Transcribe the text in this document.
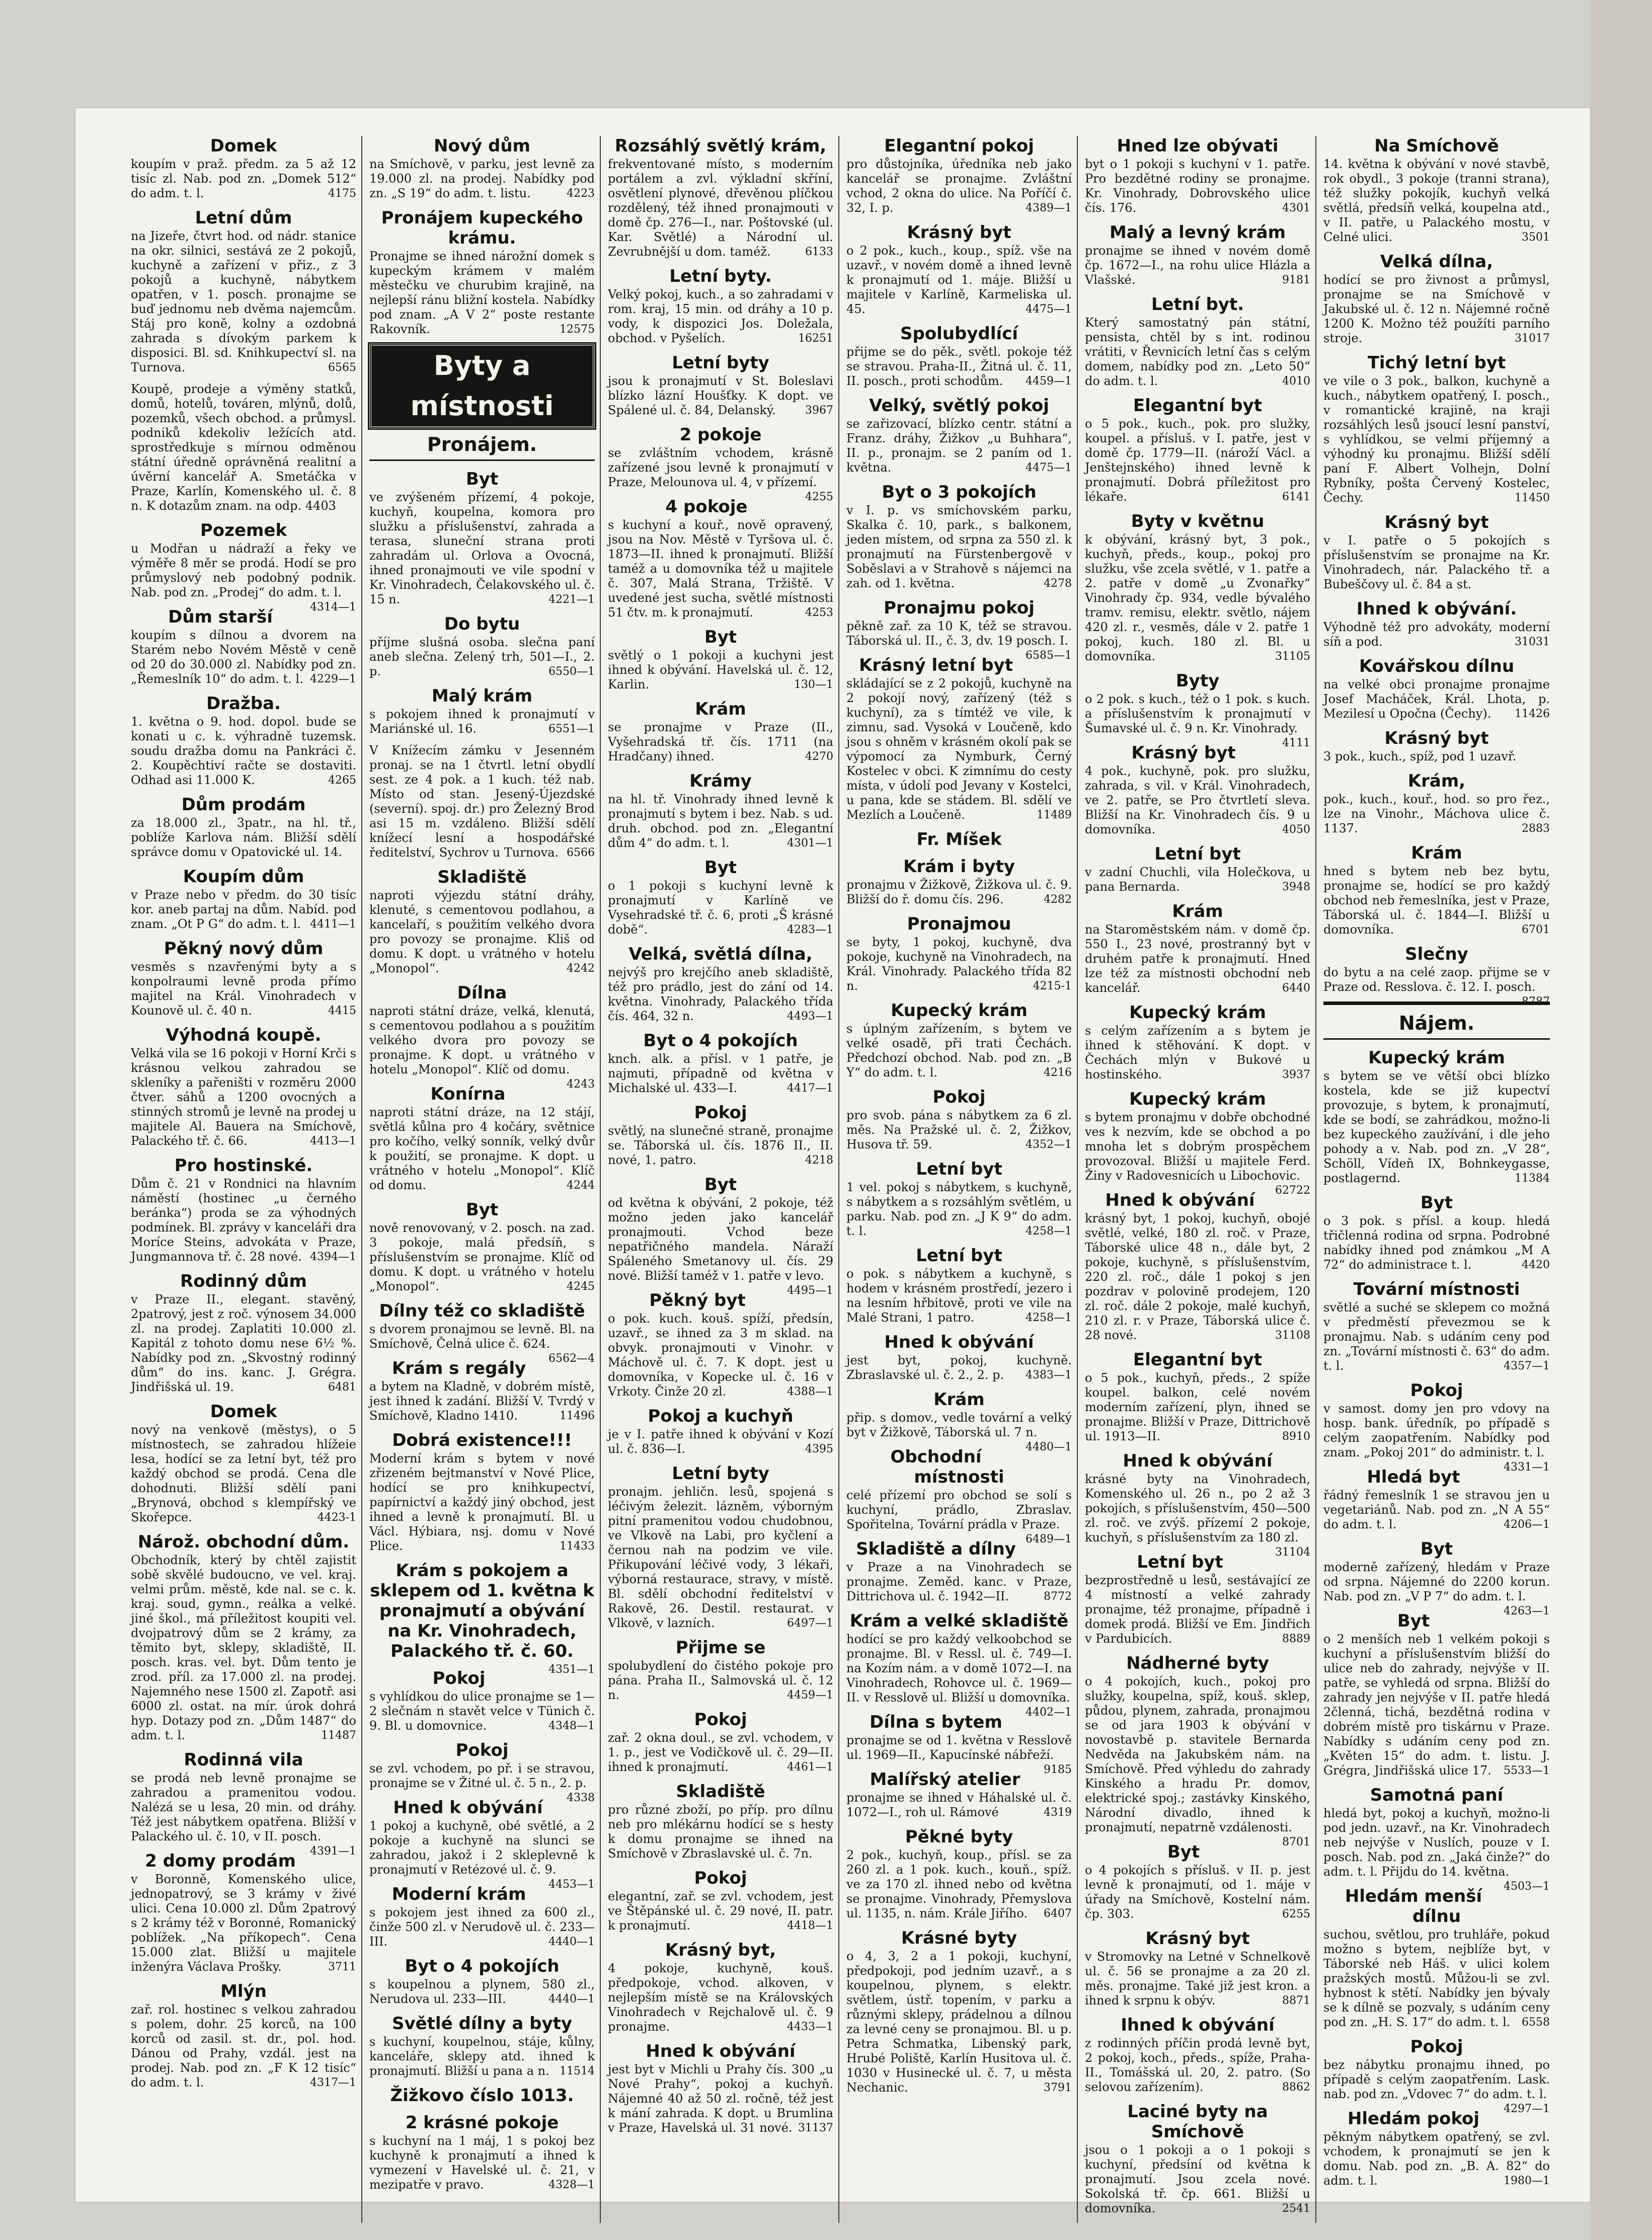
Domek

koupím v praž. předm. za 5 až 12 tisíc zl. Nab. pod zn. „Domek 512“ do adm. t. l.	4175

Letní dům

na Jizeře, čtvrt hod. od nádr. stanice na okr. silnici, sestává ze 2 pokojů, kuchyně a zařízení v přiz., z 3 pokojů a kuchyně, nábytkem opatřen, v 1. posch. pronajme se buď jednomu neb dvěma najemcům. Stáj pro koně, kolny a ozdobná zahrada s dívokým parkem k disposici. Bl. sd. Knihkupectví sl. na Turnova.	6565

Koupě, prodeje a výměny statků, domů, hotelů, továren, mlýnů, dolů, pozemků, všech obchod. a průmysl. podniků kdekoliv ležících atd. sprostředkuje s mírnou odměnou státní úředně oprávněná realitní a úvěrní kancelář A. Smetáčka v Praze, Karlín, Komenského ul. č. 8 n. K dotazům znam. na odp. 4403

Pozemek

u Modřan u nádraží a řeky ve výměře 8 měr se prodá. Hodí se pro průmyslový neb podobný podnik. Nab. pod zn. „Prodej“ do adm. t. l.
4314—1

Dům starší

koupím s dílnou a dvorem na Starém nebo Novém Městě v ceně od 20 do 30.000 zl. Nabídky pod zn. „Řemeslník 10“ do adm. t. l. 4229—1

Dražba.

1. května o 9. hod. dopol. bude se konati u c. k. výhradně tuzemsk. soudu dražba domu na Pankráci č. 2. Koupěchtiví račte se dostaviti. Odhad asi 11.000 K.	4265

Dům prodám

za 18.000 zl., 3patr., na hl. tř., poblíže Karlova nám. Bližší sdělí správce domu v Opatovické ul. 14.

Koupím dům

v Praze nebo v předm. do 30 tisíc kor. aneb partaj na dům. Nabíd. pod znam. „Ot P G“ do adm. t. l. 4411—1

Pěkný nový dům

vesměs s nzavřenými byty a s konpolraumi levně proda přímo majitel na Král. Vinohradech v Kounově ul. č. 40 n.	4415

Výhodná koupě.

Velká vila se 16 pokoji v Horní Krči s krásnou velkou zahradou se skleníky a pařeništi v rozměru 2000 čtver. sáhů a 1200 ovocných a stinných stromů je levně na prodej u majitele Al. Bauera na Smíchově, Palackého tř. č. 66.	4413—1

Pro hostinské.

Dům č. 21 v Rondnici na hlavním náměstí (hostinec „u černého beránka“) proda se za výhodných podmínek. Bl. zprávy v kanceláři dra Moríce Steins, advokáta v Praze, Jungmannova tř. č. 28 nové. 4394—1

Rodinný dům

v Praze II., elegant. stavěný, 2patrový, jest z roč. výnosem 34.000 zl. na prodej. Zaplatiti 10.000 zl. Kapitál z tohoto domu nese 6½ %. Nabídky pod zn. „Skvostný rodinný dům“ do ins. kanc. J. Grégra. Jindřišská ul. 19.	6481

Domek

nový na venkově (městys), o 5 místnostech, se zahradou hlížeie lesa, hodící se za letní byt, též pro každý obchod se prodá. Cena dle dohodnuti. Bližší sdělí pani „Brynová, obchod s klempířský ve Skořepce.	4423-1

Nárož. obchodní dům.

Obchodník, který by chtěl zajistit sobě skvělé budoucno, ve vel. kraj. velmi prům. městě, kde nal. se c. k. kraj. soud, gymn., reálka a velké. jiné škol., má příležitost koupiti vel. dvojpatrový dům se 2 krámy, za těmito byt, sklepy, skladiště, II. posch. kras. vel. byt. Dům tento je zrod. příl. za 17.000 zl. na prodej. Najemného nese 1500 zl. Zapotř. asi 6000 zl. ostat. na mír. úrok dohrá hyp. Dotazy pod zn. „Dům 1487“ do adm. t. l.	11487

Rodinná vila

se prodá neb levně pronajme se zahradou a pramenitou vodou. Nalézá se u lesa, 20 min. od dráhy. Též jest nábytkem opatřena. Bližší v Palackého ul. č. 10, v II. posch.
4391—1

2 domy prodám

v Boronně, Komenského ulice, jednopatrový, se 3 krámy v živé ulici. Cena 10.000 zl. Dům 2patrový s 2 krámy též v Boronné, Romanický poblížek. „Na příkopech“. Cena 15.000 zlat. Bližší u majitele inženýra Václava Prošky.	3711

Mlýn

zař. rol. hostinec s velkou zahradou s polem, dohr. 25 korců, na 100 korců od zasil. st. dr., pol. hod. Dánou od Prahy, vzdál. jest na prodej. Nab. pod zn. „F K 12 tisíc“ do adm. t. l.	4317—1

Nový dům

na Smíchově, v parku, jest levně za 19.000 zl. na prodej. Nabídky pod zn. „S 19“ do adm. t. listu.	4223

Pronájem kupeckého krámu.

Pronajme se ihned nárožní domek s kupeckým krámem v malém městečku ve churubim krajině, na nejlepší ránu bližní kostela. Nabídky pod znam. „A V 2“ poste restante Rakovník.	12575

Byty a místnosti
Pronájem.
Byt

ve zvýšeném přízemí, 4 pokoje, kuchyň, koupelna, komora pro služku a příslušenství, zahrada a terasa, sluneční strana proti zahradám ul. Orlova a Ovocná, ihned pronajmouti ve vile spodní v Kr. Vinohradech, Čelakovského ul. č. 15 n.	4221—1

Do bytu

příjme slušná osoba. slečna paní aneb slečna. Zelený trh, 501—I., 2. p.	6550—1

Malý krám

s pokojem ihned k pronajmutí v Mariánské ul. 16.	6551—1

V Knížecím zámku v Jesenném pronaj. se na 1 čtvrtl. letní obydlí sest. ze 4 pok. a 1 kuch. též nab. Místo od stan. Jesený-Újezdské (severní). spoj. dr.) pro Železný Brod asi 15 m. vzdáleno. Bližší sdělí knížecí lesní a hospodářské ředitelství, Sychrov u Turnova. 6566

Skladiště

naproti výjezdu státní dráhy, klenuté, s cementovou podlahou, a kancelaří, s použitím velkého dvora pro povozy se pronajme. Kliš od domu. K dopt. u vrátného v hotelu „Monopol“.	4242

Dílna

naproti státní dráze, velká, klenutá, s cementovou podlahou a s použitím velkého dvora pro povozy se pronajme. K dopt. u vrátného v hotelu „Monopol“. Klíč od domu.
4243

Konírna

naproti státní dráze, na 12 stájí, světlá kůlna pro 4 kočáry, světnice pro kočího, velký sonník, velký dvůr k použití, se pronajme. K dopt. u vrátného v hotelu „Monopol“. Klíč od domu.	4244

Byt

nově renovovaný, v 2. posch. na zad. 3 pokoje, malá předsíň, s příslušenstvím se pronajme. Klíč od domu. K dopt. u vrátného v hotelu „Monopol“.	4245

Dílny též co skladiště

s dvorem pronajmou se levně. Bl. na Smíchově, Čelná ulice č. 624.
6562—4

Krám s regály

a bytem na Kladně, v dobrém místě, jest ihned k zadání. Bližší V. Tvrdý v Smíchově, Kladno 1410.	11496

Dobrá existence!!!

Moderní krám s bytem v nové zřizeném bejtmanství v Nové Plice, hodící se pro knihkupectví, papírnictví a každý jiný obchod, jest ihned a levně k pronajmutí. Bl. u Václ. Hýbiara, nsj. domu v Nové Plice.	11433

Krám s pokojem a sklepem od 1. května k pronajmutí a obývání na Kr. Vinohradech, Palackého tř. č. 60.

4351—1

Pokoj

s vyhlídkou do ulice pronajme se 1—2 slečnám n stavět velce v Tünich č. 9. Bl. u domovnice.	4348—1

Pokoj

se zvl. vchodem, po př. i se stravou, pronajme se v Žitné ul. č. 5 n., 2. p.
4338

Hned k obývání

1 pokoj a kuchyně, obé světlé, a 2 pokoje a kuchyně na slunci se zahradou, jakož i 2 skleplevně k pronajmutí v Retézové ul. č. 9.
4453—1

Moderní krám

s pokojem jest ihned za 600 zl., činže 500 zl. v Nerudově ul. č. 233—III.	4440—1

Byt o 4 pokojích

s koupelnou a plynem, 580 zl., Nerudova ul. 233—III.	4440—1

Světlé dílny a byty

s kuchyní, koupelnou, stáje, kůlny, kanceláře, sklepy atd. ihned k pronajmutí. Bližší u pana a n. 11514

Žižkovo číslo 1013.

2 krásné pokoje

s kuchyní na 1 máj, 1 s pokoj bez kuchyně k pronajmutí a ihned k vymezení v Havelské ul. č. 21, v mezipatře v pravo.	4328—1

Rozsáhlý světlý krám,

frekventované místo, s moderním portálem a zvl. výkladní skříní, osvětlení plynové, dřevěnou plíčkou rozdělený, též ihned pronajmouti v domě čp. 276—I., nar. Poštovské (ul. Kar. Světlé) a Národní ul. Zevrubnější u dom. taméž.	6133

Letní byty.

Velký pokoj, kuch., a so zahradami v rom. kraj, 15 min. od dráhy a 10 p. vody, k dispozici Jos. Doležala, obchod. v Pyšelích.	16251

Letní byty

jsou k pronajmutí v St. Boleslavi blízko lázní Houšťky. K dopt. ve Spálené ul. č. 84, Delanský.	3967

2 pokoje

se zvláštním vchodem, krásně zařízené jsou levně k pronajmutí v Praze, Melounova ul. 4, v přízemí.
4255

4 pokoje

s kuchyní a kouř., nově opravený, jsou na Nov. Městě v Tyršova ul. č. 1873—II. ihned k pronajmutí. Bližší taméž a u domovníka též u majitele č. 307, Malá Strana, Tržiště. V uvedené jest sucha, světlé místnosti 51 čtv. m. k pronajmutí.	4253

Byt

světlý o 1 pokoji a kuchyni jest ihned k obývání. Havelská ul. č. 12, Karlin.	130—1

Krám

se pronajme v Praze (II., Vyšehradská tř. čís. 1711 (na Hradčany) ihned.	4270

Krámy

na hl. tř. Vinohrady ihned levně k pronajmutí s bytem i bez. Nab. s ud. druh. obchod. pod zn. „Elegantní dům 4“ do adm. t. l.	4301—1

Byt

o 1 pokoji s kuchyní levně k pronajmutí v Karlíně ve Vysehradské tř. č. 6, proti „Š krásné době“.	4283—1

Velká, světlá dílna,

nejvýš pro krejčího aneb skladiště, též pro prádlo, jest do zání od 14. května. Vinohrady, Palackého třída čís. 464, 32 n.	4493—1

Byt o 4 pokojích

knch. alk. a přísl. v 1 patře, je najmuti, případně od května v Michalské ul. 433—I.	4417—1

Pokoj

světlý, na slunečné straně, pronajme se. Táborská ul. čís. 1876 II., II. nové, 1. patro.	4218

Byt

od května k obývání, 2 pokoje, též možno jeden jako kancelář pronajmouti. Vchod beze nepatřičného mandela. Náraží Spáleného Smetanovy ul. čís. 29 nové. Bližší taméž v 1. patře v levo.
4495—1

Pěkný byt

o pok. kuch. kouš. spíží, předsín, uzavř., se ihned za 3 m sklad. na obvyk. pronajmouti v Vinohr. v Máchově ul. č. 7. K dopt. jest u domovníka, v Kopecke ul. č. 16 v Vrkoty. Činže 20 zl.	4388—1

Pokoj a kuchyň

je v I. patře ihned k obývání v Kozí ul. č. 836—I.	4395

Letní byty

pronajm. jehličn. lesů, spojená s léčivým železit. lázněm, výborným pitní pramenitou vodou chudobnou, ve Vlkově na Labi, pro kyčlení a černou nah na podzim ve vile. Přikupování léčivé vody, 3 lékaři, výborná restaurace, stravy, v místě. Bl. sdělí obchodní ředitelství v Rakově, 26. Destil. restaurat. v Vlkově, v lazních.	6497—1

Přijme se

spolubydlení do čistého pokoje pro pána. Praha II., Salmovská ul. č. 12 n.	4459—1

Pokoj

zař. 2 okna doul., se zvl. vchodem, v 1. p., jest ve Vodičkově ul. č. 29—II. ihned k pronajmutí.	4461—1

Skladiště

pro různé zboží, po příp. pro dílnu neb pro mlékárnu hodící se s hesty k domu pronajme se ihned na Smíchově v Zbraslavské ul. č. 7n.

Pokoj

elegantní, zař. se zvl. vchodem, jest ve Štěpánské ul. č. 29 nové, II. patr. k pronajmutí.	4418—1

Krásný byt,

4 pokoje, kuchyně, kouš. předpokoje, vchod. alkoven, v nejlepším místě se na Královských Vinohradech v Rejchalově ul. č. 9 pronajme.	4433—1

Hned k obývání

jest byt v Michli u Prahy čís. 300 „u Nové Prahy“, pokoj a kuchyň. Nájemné 40 až 50 zl. ročně, též jest k mání zahrada. K dopt. u Brumlina v Praze, Havelská ul. 31 nové. 31137

Elegantní pokoj

pro důstojníka, úředníka neb jako kancelář se pronajme. Zvláštní vchod, 2 okna do ulice. Na Poříčí č. 32, I. p.	4389—1

Krásný byt

o 2 pok., kuch., koup., spíž. vše na uzavř., v novém domě a ihned levně k pronajmutí od 1. máje. Bližší u majitele v Karlíně, Karmeliska ul. 45.	4475—1

Spolubydlící

přijme se do pěk., světl. pokoje též se stravou. Praha-II., Žitná ul. č. 11, II. posch., proti schodům. 4459—1

Velký, světlý pokoj

se zařizovací, blízko centr. státní a Franz. dráhy, Žižkov „u Buhhara“, II. p., pronajm. se 2 paním od 1. května.	4475—1

Byt o 3 pokojích

v I. p. vs smíchovském parku, Skalka č. 10, park., s balkonem, jeden místem, od srpna za 550 zl. k pronajmutí na Fürstenbergově v Soběslavi a v Strahově s nájemci na zah. od 1. května.	4278

Pronajmu pokoj

pěkně zař. za 10 K, též se stravou. Táborská ul. II., č. 3, dv. 19 posch. I.
6585—1

Krásný letní byt

skládající se z 2 pokojů, kuchyně na 2 pokojí nový, zařízený (též s kuchyní), za s tímtéž ve vile, k zimnu, sad. Vysoká v Loučeně, kdo jsou s ohněm v krásném okolí pak se výpomocí za Nymburk, Černý Kostelec v obci. K zimnímu do cesty místa, v údolí pod Jevany v Kostelci, u pana, kde se stádem. Bl. sdělí ve Mezlích a Loučeně.	11489

Fr. Míšek

Krám i byty

pronajmu v Žižkově, Žižkova ul. č. 9. Bližší do ř. domu čís. 296.	4282

Pronajmou

se byty, 1 pokoj, kuchyně, dva pokoje, kuchyně na Vinohradech, na Král. Vinohrady. Palackého třída 82 n.	4215-1

Kupecký krám

s úplným zařízením, s bytem ve velké osadě, při trati Čechách. Předchozí obchod. Nab. pod zn. „B Y“ do adm. t. l.	4216

Pokoj

pro svob. pána s nábytkem za 6 zl. měs. Na Pražské ul. č. 2, Žižkov, Husova tř. 59.	4352—1

Letní byt

1 vel. pokoj s nábytkem, s kuchyně, s nábytkem a s rozsáhlým světlém, u parku. Nab. pod zn. „J K 9“ do adm. t. l.	4258—1

Letní byt

o pok. s nábytkem a kuchyně, s hodem v krásném prostředí, jezero i na lesním hřbitově, proti ve vile na Malé Strani, 1 patro.	4258—1

Hned k obývání

jest byt, pokoj, kuchyně. Zbraslavské ul. č. 2., 2. p. 4383—1

Krám

přip. s domov., vedle tovární a velký byt v Žižkově, Táborská ul. 7 n.
4480—1

Obchodní místnosti

celé přízemí pro obchod se solí s kuchyní, prádlo, Zbraslav. Spořitelna, Tovární prádla v Praze.
6489—1

Skladiště a dílny

v Praze a na Vinohradech se pronajme. Zeměd. kanc. v Praze, Dittrichova ul. č. 1942—II.	8772

Krám a velké skladiště

hodící se pro každý velkoobchod se pronajme. Bl. v Ressl. ul. č. 749—I. na Kozím nám. a v domě 1072—I. na Vinohradech, Rohovce ul. č. 1969—II. v Resslově ul. Bližší u domovníka.
4402—1

Dílna s bytem

pronajme se od 1. května v Resslově ul. 1969—II., Kapucínské nábřeží.
9185

Malířský atelier

pronajme se ihned v Háhalské ul. č. 1072—I., roh ul. Rámové	4319

Pěkné byty

2 pok., kuchyň, koup., přísl. se za 260 zl. a 1 pok. kuch., kouň., spíž. ve za 170 zl. ihned nebo od května se pronajme. Vinohrady, Přemyslova ul. 1135, n. nám. Krále Jiřího. 6407

Krásné byty

o 4, 3, 2 a 1 pokoji, kuchyní, předpokoji, pod jedním uzavř., a s koupelnou, plynem, s elektr. světlem, ústř. topením, v parku a různými sklepy, prádelnou a dílnou za levné ceny se pronajmou. Bl. u p. Petra Schmatka, Libenský park, Hrubé Poliště, Karlín Husitova ul. č. 1030 v Husinecké ul. č. 7, u města Nechanic.	3791

Hned lze obývati

byt o 1 pokoji s kuchyní v 1. patře. Pro bezdětné rodiny se pronajme. Kr. Vinohrady, Dobrovského ulice čís. 176.	4301

Malý a levný krám

pronajme se ihned v novém domě čp. 1672—I., na rohu ulice Hlázla a Vlašské.	9181

Letní byt.

Který samostatný pán státní, pensista, chtěl by s int. rodinou vrátiti, v Řevnicích letní čas s celým domem, nabídky pod zn. „Leto 50“ do adm. t. l.	4010

Elegantní byt

o 5 pok., kuch., pok. pro služky, koupel. a přísluš. v I. patře, jest v domě čp. 1779—II. (nároží Václ. a Jenštejnského) ihned levně k pronajmutí. Dobrá příležitost pro lékaře.	6141

Byty v květnu

k obývání, krásný byt, 3 pok., kuchyň, předs., koup., pokoj pro služku, vše zcela světlé, v 1. patře a 2. patře v domě „u Zvonařky“ Vinohrady čp. 934, vedle bývalého tramv. remisu, elektr. světlo, nájem 420 zl. r., vesměs, dále v 2. patře 1 pokoj, kuch. 180 zl. Bl. u domovníka.	31105

Byty

o 2 pok. s kuch., též o 1 pok. s kuch. a příslušenstvím k pronajmutí v Šumavské ul. č. 9 n. Kr. Vinohrady.
4111

Krásný byt

4 pok., kuchyně, pok. pro služku, zahrada, s vil. v Král. Vinohradech, ve 2. patře, se Pro čtvrtletí sleva. Bližší na Kr. Vinohradech čís. 9 u domovníka.	4050

Letní byt

v zadní Chuchli, vila Holečkova, u pana Bernarda.	3948

Krám

na Staroměstském nám. v domě čp. 550 I., 23 nové, prostranný byt v druhém patře k pronajmutí. Hned lze též za místnosti obchodní neb kancelář.	6440

Kupecký krám

s celým zařízením a s bytem je ihned k stěhování. K dopt. v Čechách mlýn v Bukové u hostinského.	3937

Kupecký krám

s bytem pronajmu v dobře obchodné ves k nezvím, kde se obchod a po mnoha let s dobrým prospěchem provozoval. Bližší u majitele Ferd. Žiny v Radovesnicích u Libochovic.
62722

Hned k obývání

krásný byt, 1 pokoj, kuchyň, obojé světlé, velké, 180 zl. roč. v Praze, Táborské ulice 48 n., dále byt, 2 pokoje, kuchyně, s příslušenstvím, 220 zl. roč., dále 1 pokoj s jen pozdrav v polovině prodejem, 120 zl. roč. dále 2 pokoje, malé kuchyň, 210 zl. r. v Praze, Táborská ulice č. 28 nové.	31108

Elegantní byt

o 5 pok., kuchyň, předs., 2 spíže koupel. balkon, celé novém moderním zařízení, plyn, ihned se pronajme. Bližší v Praze, Dittrichově ul. 1913—II.	8910

Hned k obývání

krásné byty na Vinohradech, Komenského ul. 26 n., po 2 až 3 pokojích, s příslušenstvím, 450—500 zl. roč. ve zvýš. přízemí 2 pokoje, kuchyň, s příslušenstvím za 180 zl.
31104

Letní byt

bezprostředně u lesů, sestávající ze 4 místností a velké zahrady pronajme, též pronajme, případně i domek prodá. Bližší ve Em. Jindřich v Pardubicích.	8889

Nádherné byty

o 4 pokojích, kuch., pokoj pro služky, koupelna, spíž, kouš. sklep, půdou, plynem, zahrada, pronajmou se od jara 1903 k obývání v novostavbě p. stavitele Bernarda Nedvěda na Jakubském nám. na Smíchově. Před výhledu do zahrady Kinského a hradu Pr. domov, elektrické spoj.; zastávky Kinského, Národní divadlo, ihned k pronajmutí, nepatrně vzdálenosti.
8701

Byt

o 4 pokojích s přísluš. v II. p. jest levně k pronajmutí, od 1. máje v úřady na Smíchově, Kostelní nám. čp. 303.	6255

Krásný byt

v Stromovky na Letné v Schnelkově ul. č. 56 se pronajme a za 20 zl. měs. pronajme. Také již jest kron. a ihned k srpnu k obýv.	8871

Ihned k obývání

z rodinných příčin prodá levně byt, 2 pokoj, koch., předs., spíže, Praha-II., Tomášská ul. 20, 2. patro. (So selovou zařízením).	8862

Laciné byty na Smíchově

jsou o 1 pokoji a o 1 pokoji s kuchyní, předsíní od května k pronajmutí. Jsou zcela nové. Sokolská tř. čp. 661. Bližší u domovníka.	2541

Na Smíchově

14. května k obývání v nové stavbě, rok obydl., 3 pokoje (tranni strana), též služky pokojík, kuchyň velká světlá, předsíň velká, koupelna atd., v II. patře, u Palackého mostu, v Celné ulici.	3501

Velká dílna,

hodící se pro živnost a průmysl, pronajme se na Smíchově v Jakubské ul. č. 12 n. Nájemné ročně 1200 K. Možno též použíti parního stroje.	31017

Tichý letní byt

ve vile o 3 pok., balkon, kuchyně a kuch., nábytkem opatřený, I. posch., v romantické krajině, na kraji rozsáhlých lesů jsoucí lesní panství, s vyhlídkou, se velmi příjemný a výhodný ku pronajmu. Bližší sdělí paní F. Albert Volhejn, Dolní Rybníky, pošta Červený Kostelec, Čechy.	11450

Krásný byt

v I. patře o 5 pokojích s příslušenstvím se pronajme na Kr. Vinohradech, nár. Palackého tř. a Bubeščovy ul. č. 84 a st.

Ihned k obývání.

Výhodně též pro advokáty, moderní síň a pod.	31031

Kovářskou dílnu

na velké obci pronajme pronajme Josef Macháček, Král. Lhota, p. Mezilesí u Opočna (Čechy). 11426

Krásný byt

3 pok., kuch., spíž, pod 1 uzavř.

Krám,

pok., kuch., kouř., hod. so pro řez., lze na Vinohr., Máchova ulice č. 1137.	2883

Krám

hned s bytem neb bez bytu, pronajme se, hodící se pro každý obchod neb řemeslníka, jest v Praze, Táborská ul. č. 1844—I. Bližší u domovníka.	6701

Slečny

do bytu a na celé zaop. přijme se v Praze od. Resslova. č. 12. I. posch.
8787

Nájem.
Kupecký krám

s bytem se ve větší obci blízko kostela, kde se již kupectví provozuje, s bytem, k pronajmutí, kde se bodí, se zahrádkou, možno-li bez kupeckého zaužívání, i dle jeho pohody a v. Nab. pod zn. „V 28“, Schöll, Vídeň IX, Bohnkeygasse, postlagernd.	11384

Byt

o 3 pok. s přísl. a koup. hledá třičlenná rodina od srpna. Podrobné nabídky ihned pod známkou „M A 72“ do administrace t. l.	4420

Tovární místnosti

světlé a suché se sklepem co možná v předměstí převezmou se k pronajmu. Nab. s udáním ceny pod zn. „Tovární místnosti č. 63“ do adm. t. l.	4357—1

Pokoj

v samost. domy jen pro vdovy na hosp. bank. úředník, po případě s celým zaopatřením. Nabídky pod znam. „Pokoj 201“ do administr. t. l.
4331—1

Hledá byt

řádný řemeslník 1 se stravou jen u vegetariánů. Nab. pod zn. „N A 55“ do adm. t. l.	4206—1

Byt

moderně zařízený, hledám v Praze od srpna. Nájemné do 2200 korun. Nab. pod zn. „V P 7“ do adm. t. l.
4263—1

Byt

o 2 menších neb 1 velkém pokoji s kuchyní a příslušenstvím bližší do ulice neb do zahrady, nejvýše v II. patře, se vyhledá od srpna. Bližší do zahrady jen nejvýše v II. patře hledá 2členná, tichá, bezdětná rodina v dobrém místě pro tiskárnu v Praze. Nabídky s udáním ceny pod zn. „Květen 15“ do adm. t. listu. J. Grégra, Jindřišská ulice 17. 5533—1

Samotná paní

hledá byt, pokoj a kuchyň, možno-li pod jedn. uzavř., na Kr. Vinohradech neb nejvýše v Nuslích, pouze v I. posch. Nab. pod zn. „Jaká činže?“ do adm. t. l. Přijdu do 14. května.
4503—1

Hledám menší dílnu

suchou, světlou, pro truhláře, pokud možno s bytem, nejblíže byt, v Táborské neb Háš. v ulici kolem pražských mostů. Můžou-li se zvl. hybnost k stětí. Nabídky jen bývaly se k dílně se pozvaly, s udáním ceny pod zn. „H. S. 17“ do adm. t. l. 6558

Pokoj

bez nábytku pronajmu ihned, po případě s celým zaopatřením. Lask. nab. pod zn. „Vdovec 7“ do adm. t. l.
4297—1

Hledám pokoj

pěkným nábytkem opatřený, se zvl. vchodem, k pronajmutí se jen k domu. Nab. pod zn. „B. A. 82“ do adm. t. l.	1980—1
